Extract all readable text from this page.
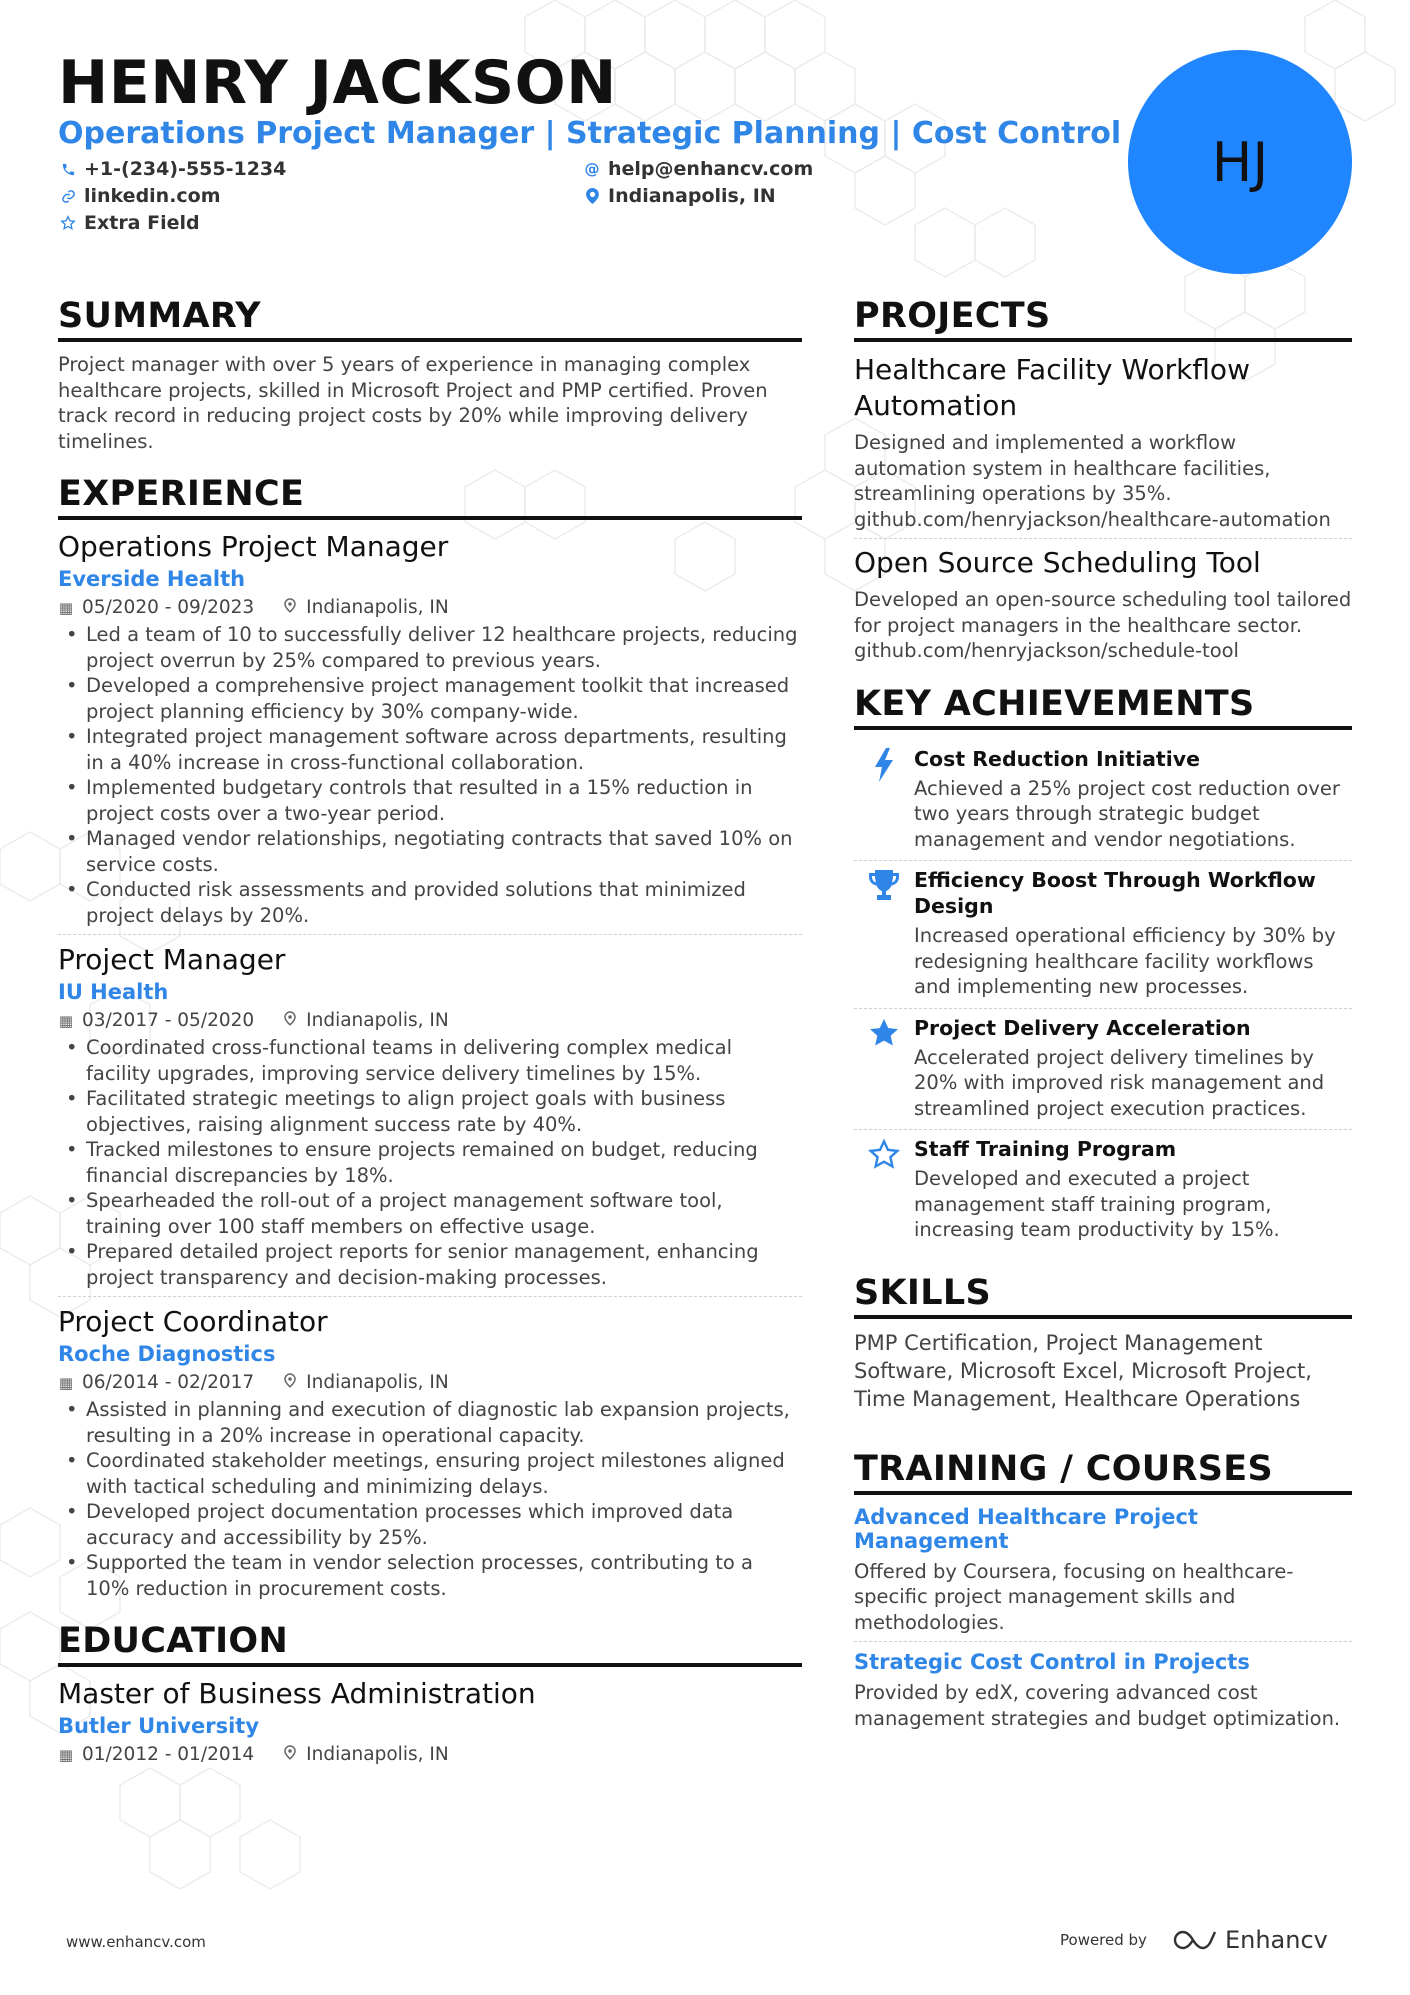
HENRY JACKSON
Operations Project Manager | Strategic Planning | Cost Control
+1-(234)-555-1234	@ help@enhancv.com
linkedin.com	Indianapolis, IN
Extra Field
HJ
SUMMARY
Project manager with over 5 years of experience in managing complex healthcare projects, skilled in Microsoft Project and PMP certified. Proven track record in reducing project costs by 20% while improving delivery timelines.
EXPERIENCE
Operations Project Manager
Everside Health
▦ 05/2020 - 09/2023	Indianapolis, IN
• Led a team of 10 to successfully deliver 12 healthcare projects, reducing project overrun by 25% compared to previous years.
• Developed a comprehensive project management toolkit that increased project planning efficiency by 30% company-wide.
• Integrated project management software across departments, resulting in a 40% increase in cross-functional collaboration.
• Implemented budgetary controls that resulted in a 15% reduction in project costs over a two-year period.
• Managed vendor relationships, negotiating contracts that saved 10% on service costs.
• Conducted risk assessments and provided solutions that minimized project delays by 20%.
Project Manager
IU Health
▦ 03/2017 - 05/2020	Indianapolis, IN
• Coordinated cross-functional teams in delivering complex medical facility upgrades, improving service delivery timelines by 15%.
• Facilitated strategic meetings to align project goals with business objectives, raising alignment success rate by 40%.
• Tracked milestones to ensure projects remained on budget, reducing financial discrepancies by 18%.
• Spearheaded the roll-out of a project management software tool, training over 100 staff members on effective usage.
• Prepared detailed project reports for senior management, enhancing project transparency and decision-making processes.
Project Coordinator
Roche Diagnostics
▦ 06/2014 - 02/2017	Indianapolis, IN
• Assisted in planning and execution of diagnostic lab expansion projects, resulting in a 20% increase in operational capacity.
• Coordinated stakeholder meetings, ensuring project milestones aligned with tactical scheduling and minimizing delays.
• Developed project documentation processes which improved data accuracy and accessibility by 25%.
• Supported the team in vendor selection processes, contributing to a 10% reduction in procurement costs.
EDUCATION
Master of Business Administration
Butler University
▦ 01/2012 - 01/2014	Indianapolis, IN
PROJECTS
Healthcare Facility Workflow Automation
Designed and implemented a workflow automation system in healthcare facilities, streamlining operations by 35%. github.com/henryjackson/healthcare-automation
Open Source Scheduling Tool
Developed an open-source scheduling tool tailored for project managers in the healthcare sector. github.com/henryjackson/schedule-tool
KEY ACHIEVEMENTS
Cost Reduction Initiative
Achieved a 25% project cost reduction over two years through strategic budget management and vendor negotiations.
Efficiency Boost Through Workflow Design
Increased operational efficiency by 30% by redesigning healthcare facility workflows and implementing new processes.
Project Delivery Acceleration
Accelerated project delivery timelines by 20% with improved risk management and streamlined project execution practices.
Staff Training Program
Developed and executed a project management staff training program, increasing team productivity by 15%.
SKILLS
PMP Certification, Project Management Software, Microsoft Excel, Microsoft Project, Time Management, Healthcare Operations
TRAINING / COURSES
Advanced Healthcare Project Management
Offered by Coursera, focusing on healthcare-specific project management skills and methodologies.
Strategic Cost Control in Projects
Provided by edX, covering advanced cost management strategies and budget optimization.
www.enhancv.com	Powered by	Enhancv
